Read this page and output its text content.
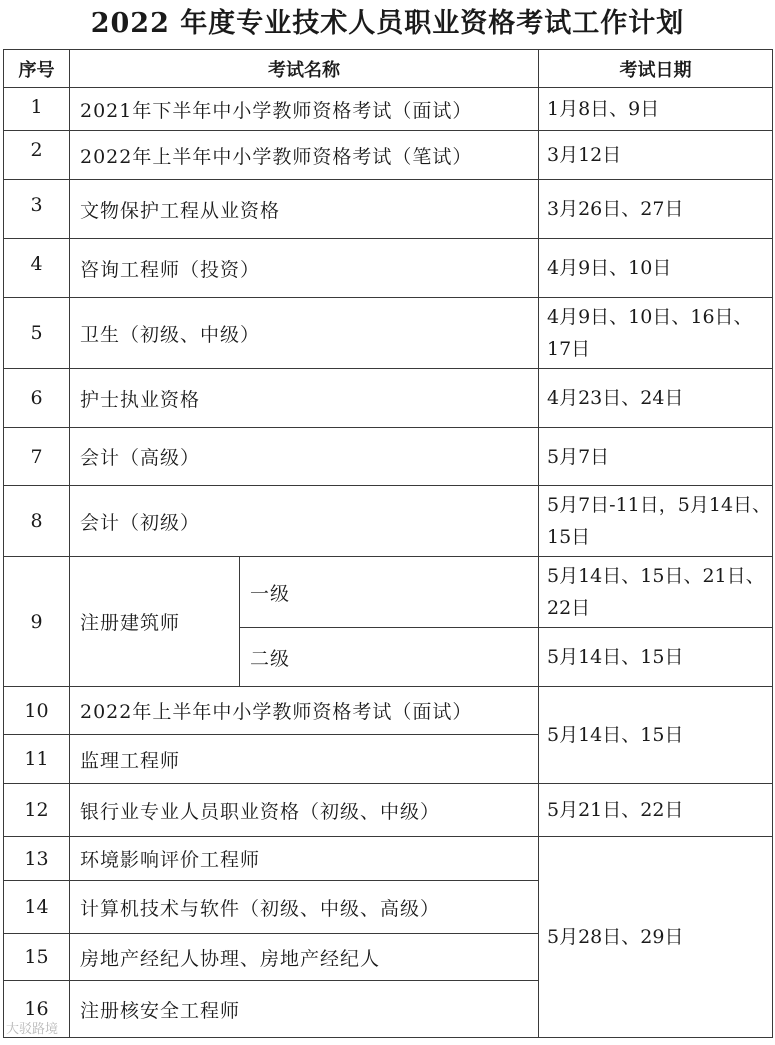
2022 年度专业技术人员职业资格考试工作计划
序号	考试名称		考试日期
1	2021年下半年中小学教师资格考试（面试）		1月8日、9日
2	2022年上半年中小学教师资格考试（笔试）		3月12日
3	文物保护工程从业资格		3月26日、27日
4	咨询工程师（投资）		4月9日、10日
5	卫生（初级、中级）		4月9日、10日、16日、17日
6	护士执业资格		4月23日、24日
7	会计（高级）		5月7日
8	会计（初级）		5月7日-11日，5月14日、15日
9	注册建筑师	一级	5月14日、15日、21日、22日
		二级	5月14日、15日
10	2022年上半年中小学教师资格考试（面试）		5月14日、15日
11	监理工程师		
12	银行业专业人员职业资格（初级、中级）		5月21日、22日
13	环境影响评价工程师		5月28日、29日
14	计算机技术与软件（初级、中级、高级）		
15	房地产经纪人协理、房地产经纪人		
16	注册核安全工程师		
大驳路境
